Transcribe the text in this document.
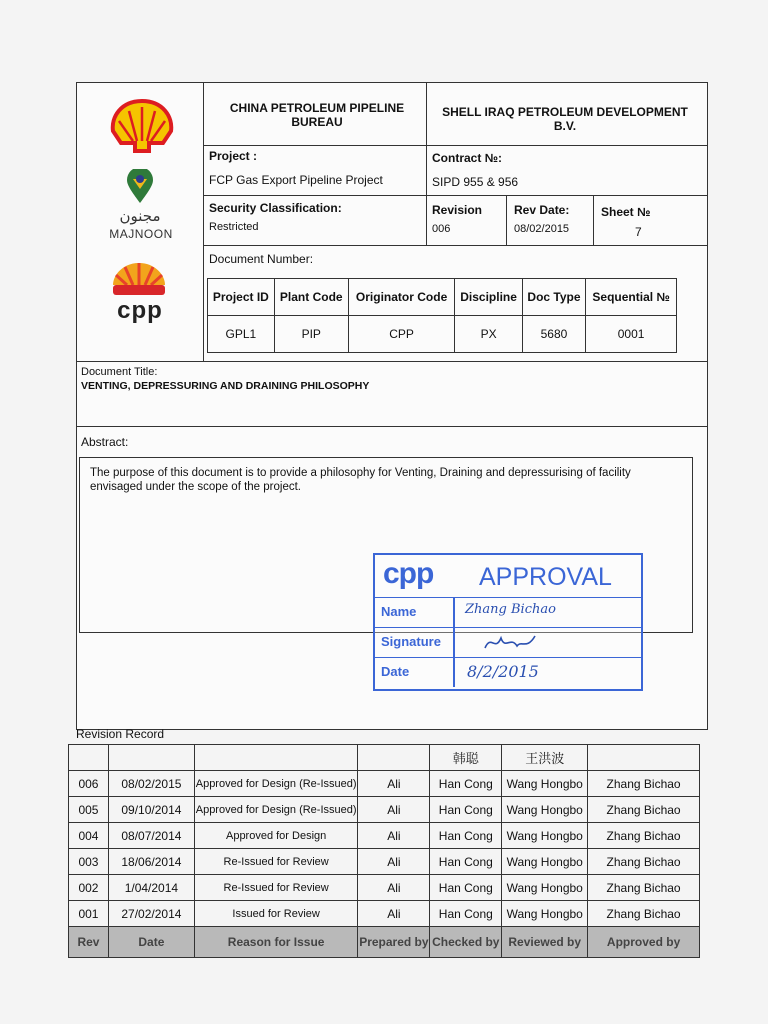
مجنون
MAJNOON
cpp
CHINA PETROLEUM PIPELINE BUREAU
SHELL IRAQ PETROLEUM DEVELOPMENT B.V.
Project :
FCP Gas Export Pipeline Project
Contract №:
SIPD 955 & 956
Security Classification:
Restricted
Revision
006
Rev Date:
08/02/2015
Sheet №
7
Document Number:
Project ID	Plant Code	Originator Code	Discipline	Doc Type	Sequential №
GPL1	PIP	CPP	PX	5680	0001
Document Title:
VENTING, DEPRESSURING AND DRAINING PHILOSOPHY
Abstract:
The purpose of this document is to provide a philosophy for Venting, Draining and depressurising of facility envisaged under the scope of the project.
cpp APPROVAL
Name	Zhang Bichao
Signature
Date	8/2/2015
Revision Record
				韩聪	王洪波	
006	08/02/2015	Approved for Design (Re-Issued)	Ali	Han Cong	Wang Hongbo	Zhang Bichao
005	09/10/2014	Approved for Design (Re-Issued)	Ali	Han Cong	Wang Hongbo	Zhang Bichao
004	08/07/2014	Approved for Design	Ali	Han Cong	Wang Hongbo	Zhang Bichao
003	18/06/2014	Re-Issued for Review	Ali	Han Cong	Wang Hongbo	Zhang Bichao
002	1/04/2014	Re-Issued for Review	Ali	Han Cong	Wang Hongbo	Zhang Bichao
001	27/02/2014	Issued for Review	Ali	Han Cong	Wang Hongbo	Zhang Bichao
Rev	Date	Reason for Issue	Prepared by	Checked by	Reviewed by	Approved by
